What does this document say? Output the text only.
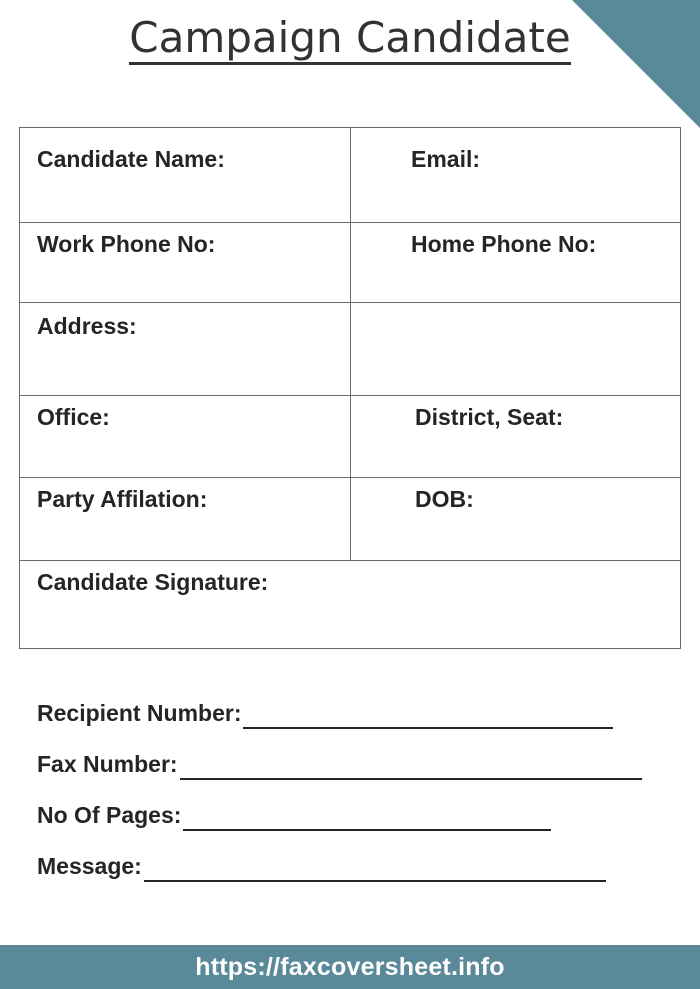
Campaign Candidate
Candidate Name:	Email:
Work Phone No:	Home Phone No:
Address:
Office:	District, Seat:
Party Affilation:	DOB:
Candidate Signature:
Recipient Number:
Fax Number:
No Of Pages:
Message:
https://faxcoversheet.info
